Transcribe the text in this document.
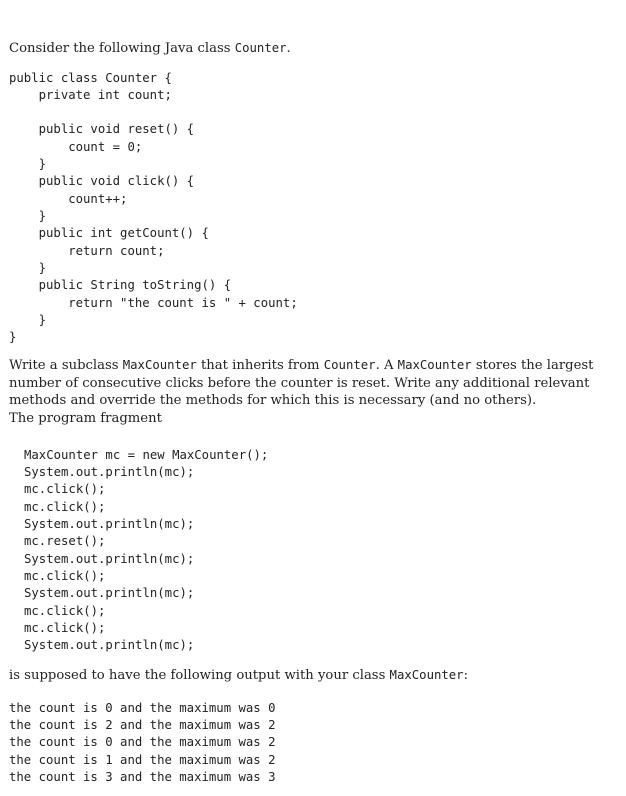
Consider the following Java class Counter.
public class Counter {
private int count;
public void reset() {
count = 0;
}
public void click() {
count++;
}
public int getCount() {
return count;
}
public String toString() {
return "the count is " + count;
}
}
Write a subclass MaxCounter that inherits from Counter. A MaxCounter stores the largest number of consecutive clicks before the counter is reset. Write any additional relevant methods and override the methods for which this is necessary (and no others).
The program fragment
MaxCounter mc = new MaxCounter();
System.out.println(mc);
mc.click();
mc.click();
System.out.println(mc);
mc.reset();
System.out.println(mc);
mc.click();
System.out.println(mc);
mc.click();
mc.click();
System.out.println(mc);
is supposed to have the following output with your class MaxCounter:
the count is 0 and the maximum was 0
the count is 2 and the maximum was 2
the count is 0 and the maximum was 2
the count is 1 and the maximum was 2
the count is 3 and the maximum was 3
